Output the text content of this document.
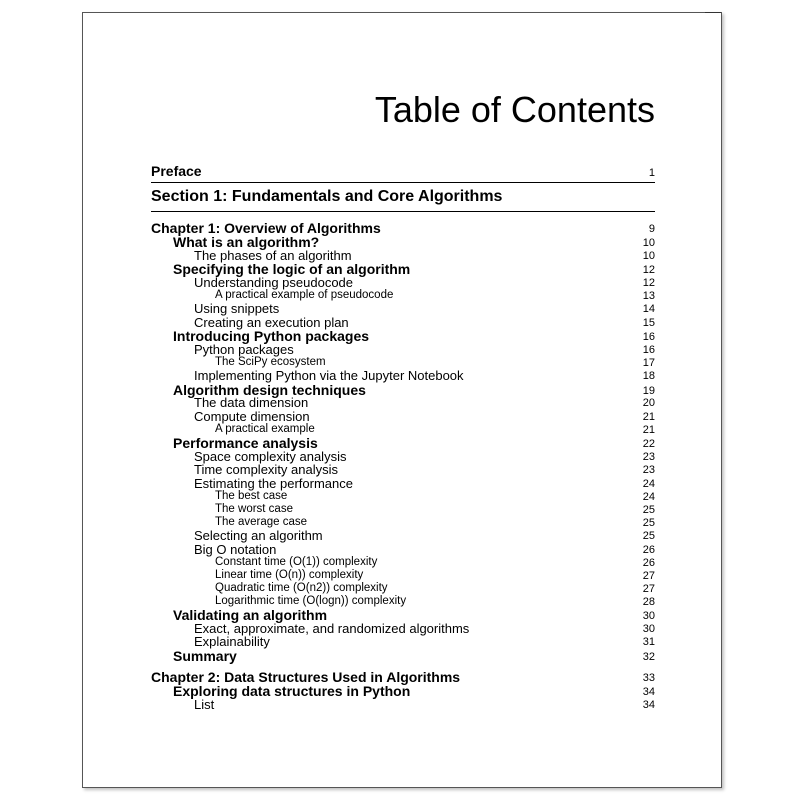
Table of Contents
Preface	1
Section 1: Fundamentals and Core Algorithms
Chapter 1: Overview of Algorithms	9
What is an algorithm?	10
The phases of an algorithm	10
Specifying the logic of an algorithm	12
Understanding pseudocode	12
A practical example of pseudocode	13
Using snippets	14
Creating an execution plan	15
Introducing Python packages	16
Python packages	16
The SciPy ecosystem	17
Implementing Python via the Jupyter Notebook	18
Algorithm design techniques	19
The data dimension	20
Compute dimension	21
A practical example	21
Performance analysis	22
Space complexity analysis	23
Time complexity analysis	23
Estimating the performance	24
The best case	24
The worst case	25
The average case	25
Selecting an algorithm	25
Big O notation	26
Constant time (O(1)) complexity	26
Linear time (O(n)) complexity	27
Quadratic time (O(n2)) complexity	27
Logarithmic time (O(logn)) complexity	28
Validating an algorithm	30
Exact, approximate, and randomized algorithms	30
Explainability	31
Summary	32
Chapter 2: Data Structures Used in Algorithms	33
Exploring data structures in Python	34
List	34
